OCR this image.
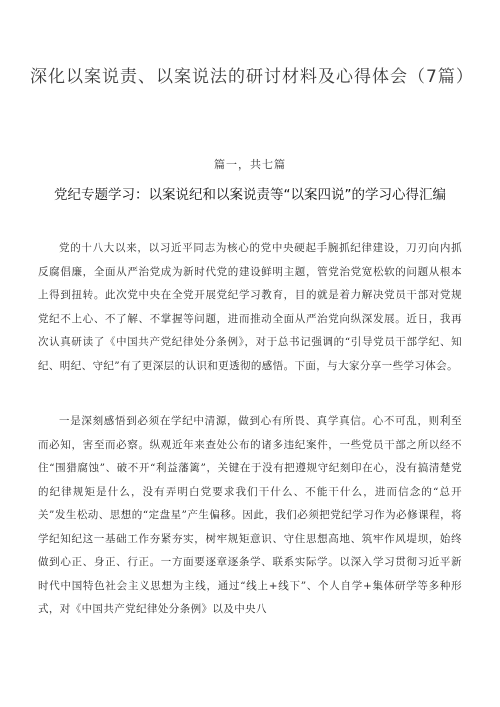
深化以案说责、以案说法的研讨材料及心得体会（7篇）
篇一，共七篇
党纪专题学习：以案说纪和以案说责等“以案四说”的学习心得汇编

党的十八大以来，以习近平同志为核心的党中央硬起手腕抓纪律建设，刀刃向内抓反腐倡廉，全面从严治党成为新时代党的建设鲜明主题，管党治党宽松软的问题从根本上得到扭转。此次党中央在全党开展党纪学习教育，目的就是着力解决党员干部对党规党纪不上心、不了解、不掌握等问题，进而推动全面从严治党向纵深发展。近日，我再次认真研读了《中国共产党纪律处分条例》，对于总书记强调的“引导党员干部学纪、知纪、明纪、守纪”有了更深层的认识和更透彻的感悟。下面，与大家分享一些学习体会。

一是深刻感悟到必须在学纪中清源，做到心有所畏、真学真信。心不可乱，则利至而必知，害至而必察。纵观近年来查处公布的诸多违纪案件，一些党员干部之所以经不住“围猎腐蚀”、破不开“利益藩篱”，关键在于没有把遵规守纪刻印在心，没有搞清楚党的纪律规矩是什么，没有弄明白党要求我们干什么、不能干什么，进而信念的“总开关”发生松动、思想的“定盘星”产生偏移。因此，我们必须把党纪学习作为必修课程，将学纪知纪这一基础工作夯紧夯实，树牢规矩意识、守住思想高地、筑牢作风堤坝，始终做到心正、身正、行正。一方面要逐章逐条学、联系实际学。以深入学习贯彻习近平新时代中国特色社会主义思想为主线，通过“线上+线下”、个人自学+集体研学等多种形式，对《中国共产党纪律处分条例》以及中央八
